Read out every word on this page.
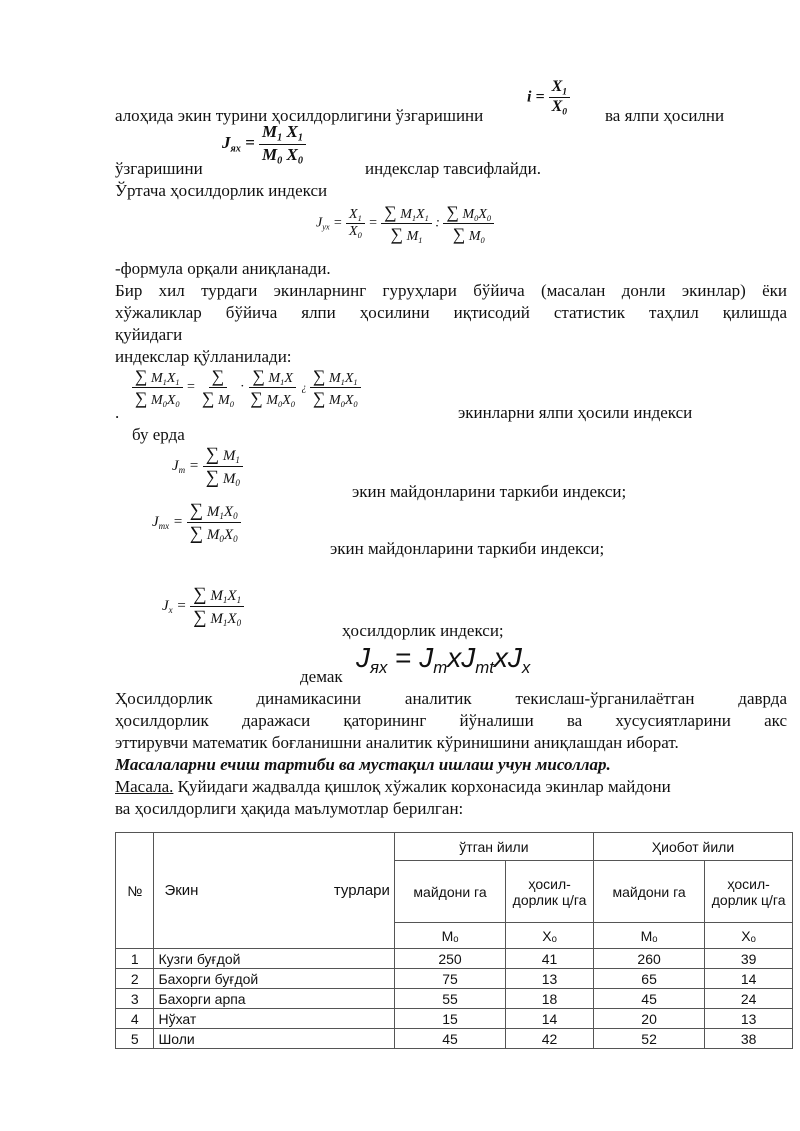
$i = \frac{X_1}{X_0}$
алоҳида экин турини ҳосилдорлигини ўзгаришини	ва ялпи ҳосилни
$J_{ях} = \frac{M_1 X_1}{M_0 X_0}$
ўзгаришини	индекслар тавсифлайди.
Ўртача ҳосилдорлик индекси
$J_{ух} = \frac{X_1}{X_0} = \frac{\sum M_1X_1}{\sum M_1}$ : $\frac{\sum M_0X_0}{\sum M_0}$
-формула орқали аниқланади.
Бир хил турдаги экинларнинг гуруҳлари бўйича (масалан донли экинлар) ёки
хўжаликлар бўйича ялпи ҳосилини иқтисодий статистик таҳлил қилишда
қуйидаги
индекслар қўлланилади:
.
$\frac{\sum M_1X_1}{\sum M_0X_0} = \frac{\sum}{\sum M_0} \cdot \frac{\sum M_1X}{\sum M_0X_0}$ ¿ $\frac{\sum M_1X_1}{\sum M_0X_0}$
экинларни ялпи ҳосили индекси
бу ерда
$J_m = \frac{\sum M_1}{\sum M_0}$
экин майдонларини таркиби индекси;
$J_{mx} = \frac{\sum M_1X_0}{\sum M_0X_0}$
экин майдонларини таркиби индекси;
$J_x = \frac{\sum M_1X_1}{\sum M_1X_0}$
ҳосилдорлик индекси;
демак
$J_{ях} = J_mxJ_{mt}xJ_x$
Ҳосилдорлик динамикасини аналитик текислаш-ўрганилаётган даврда
ҳосилдорлик даражаси қаторининг йўналиши ва хусусиятларини акс
эттирувчи математик боғланишни аналитик кўринишини аниқлашдан иборат.
Масалаларни ечиш тартиби ва мустақил ишлаш учун мисоллар.
Масала. Қуйидаги жадвалда қишлоқ хўжалик корхонасида экинлар майдони
ва ҳосилдорлиги ҳақида маълумотлар берилган:
№	Экин турлари	ўтган йили		Ҳиобот йили	
		майдони га	ҳосил-дорлик ц/га	майдони га	ҳосил-дорлик ц/га
		Mₒ	Xₒ	Mₒ	Xₒ
1	Кузги буғдой	250	41	260	39
2	Бахорги буғдой	75	13	65	14
3	Бахорги арпа	55	18	45	24
4	Нўхат	15	14	20	13
5	Шоли	45	42	52	38
